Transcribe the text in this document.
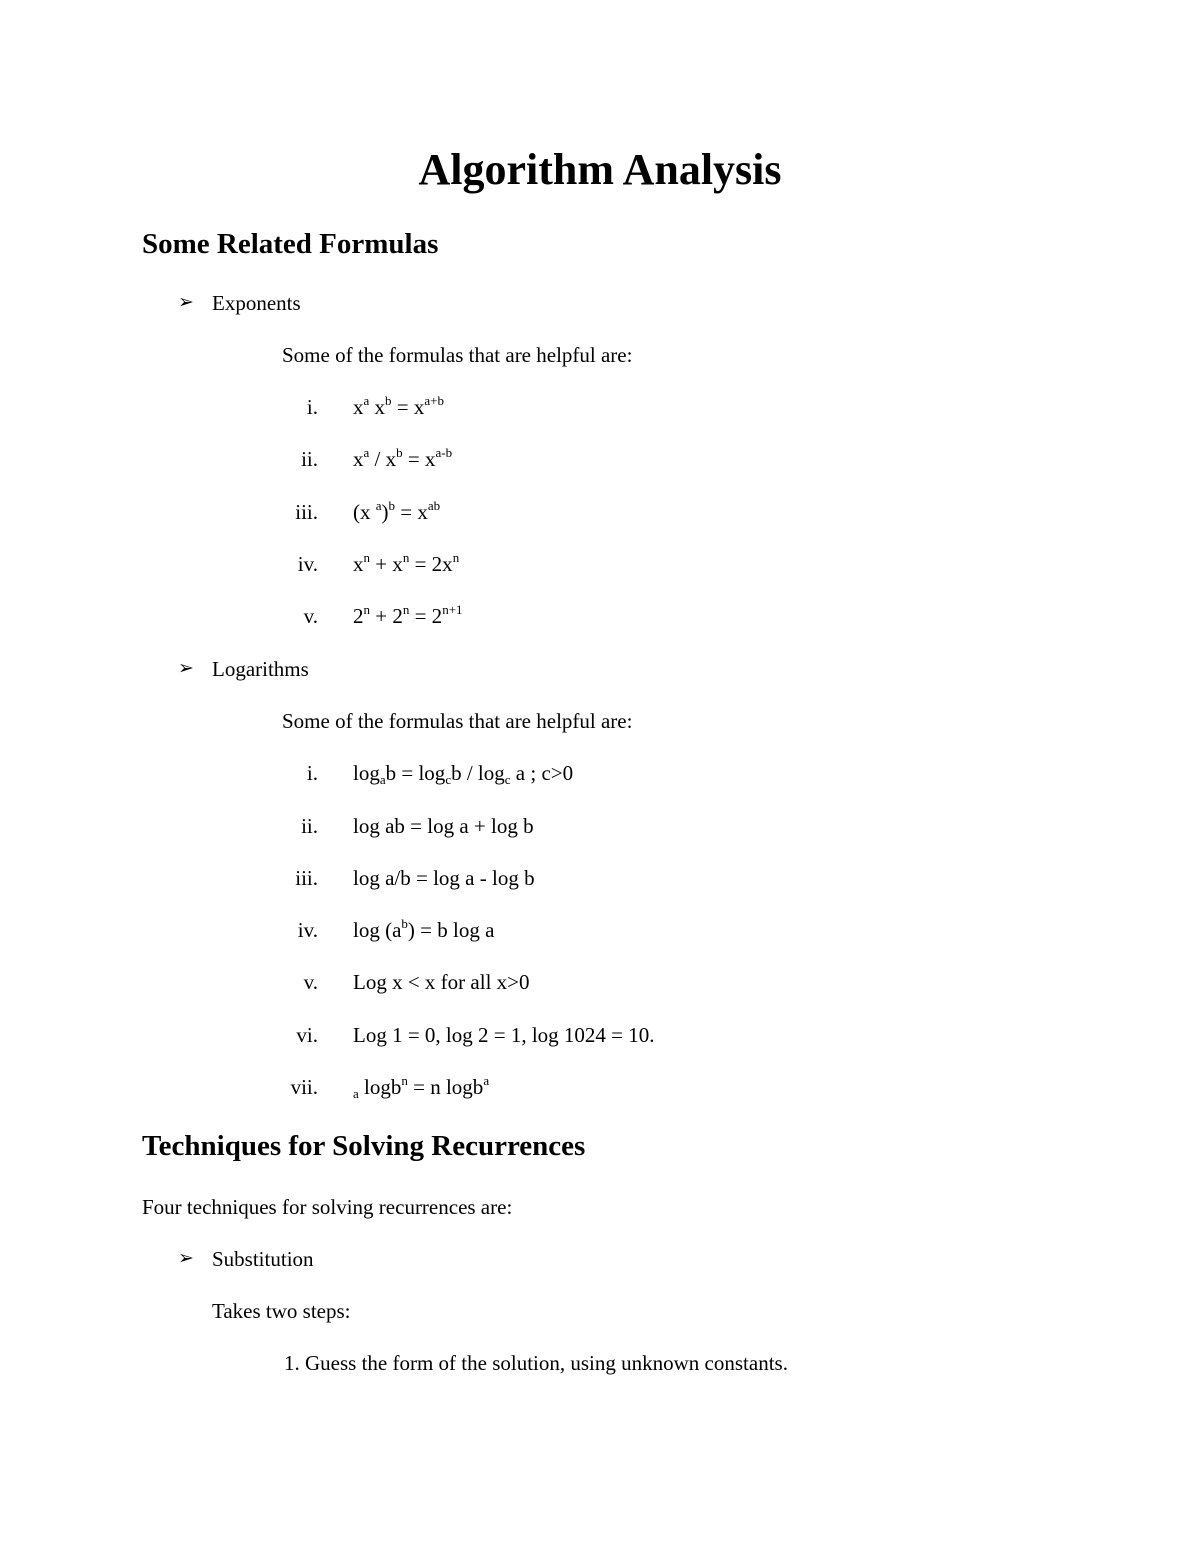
Algorithm Analysis
Some Related Formulas
➢ Exponents
Some of the formulas that are helpful are:
i. $x^a$ $x^b = x^{a+b}$
ii. $x^a / x^b = x^{a-b}$
iii. (x $^a)^b = x^{ab}$
iv. $x^n + x^n = 2x^n$
v. $2^n + 2^n = 2^{n+1}$
➢ Logarithms
Some of the formulas that are helpful are:
i. $\log_ab = \log_cb / \log_c a$ ; c>0
ii. log ab = log a + log b
iii. log a/b = log a - log b
iv. $\log (a^b) = b$ log a
v. Log x < x for all x>0
vi. Log 1 = 0, log 2 = 1, log 1024 = 10.
vii.	$_a$ logb$^n$ = n logb$^a$
Techniques for Solving Recurrences
Four techniques for solving recurrences are:
➢ Substitution
Takes two steps:
1. Guess the form of the solution, using unknown constants.
